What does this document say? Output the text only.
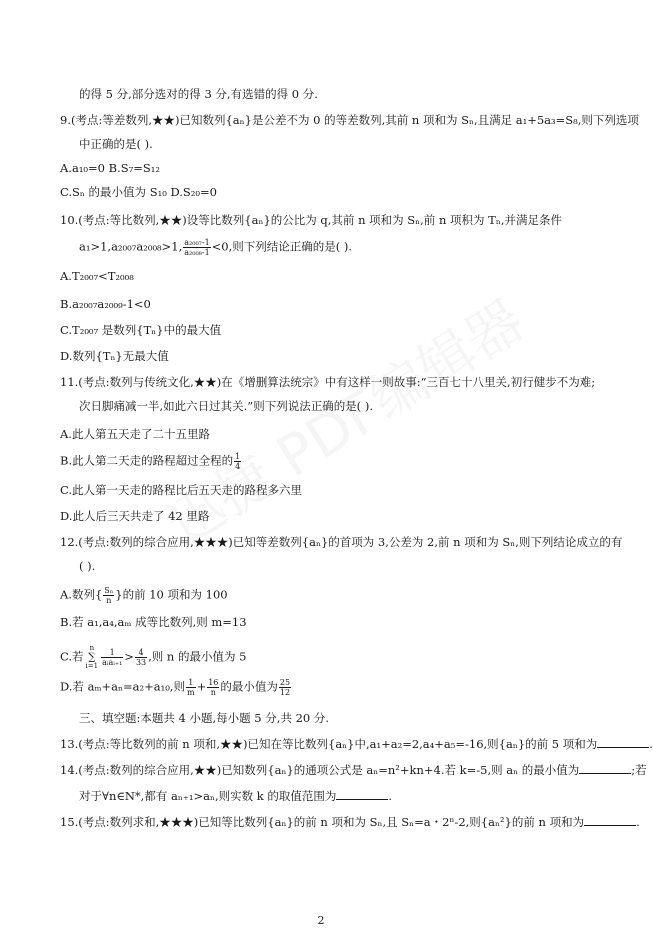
的得 5 分,部分选对的得 3 分,有选错的得 0 分.
9.(考点:等差数列,★★)已知数列{aₙ}是公差不为 0 的等差数列,其前 n 项和为 Sₙ,且满足 a₁+5a₃=S₈,则下列选项
中正确的是( ).
A.a₁₀=0 B.S₇=S₁₂
C.Sₙ 的最小值为 S₁₀ D.S₂₀=0
10.(考点:等比数列,★★)设等比数列{aₙ}的公比为 q,其前 n 项和为 Sₙ,前 n 项积为 Tₙ,并满足条件
a₁>1,a₂₀₀₇a₂₀₀₈>1, $\frac{\text{a₂₀₀₇-1}}{\text{a₂₀₀₈-1}} <0$,则下列结论正确的是( ).
A.T₂₀₀₇<T₂₀₀₈
B.a₂₀₀₇a₂₀₀₉-1<0
C.T₂₀₀₇ 是数列{Tₙ}中的最大值
D.数列{Tₙ}无最大值
11.(考点:数列与传统文化,★★)在《增删算法统宗》中有这样一则故事:“三百七十八里关,初行健步不为难;
次日脚痛减一半,如此六日过其关.”则下列说法正确的是( ).
A.此人第五天走了二十五里路
B.此人第二天走的路程超过全程的 $\frac{1}{4}$
C.此人第一天走的路程比后五天走的路程多六里
D.此人后三天共走了 42 里路
12.(考点:数列的综合应用,★★★)已知等差数列{aₙ}的首项为 3,公差为 2,前 n 项和为 Sₙ,则下列结论成立的有
( ).
A.数列{ $\frac{\text{Sₙ}}{n}$ }的前 10 项和为 100
B.若 a₁,a₄,aₘ 成等比数列,则 m=13
C.若
n
∑
$i=1 \frac{1}{\text{aᵢaᵢ₊₁}} > \frac{4}{33}$ ,则 n 的最小值为 5
D.若 aₘ+aₙ=a₂+a₁₀,则 $\frac{1}{m} + \frac{16}{n}$ 的最小值为 $\frac{25}{12}$
三、填空题:本题共 4 小题,每小题 5 分,共 20 分.
13.(考点:等比数列的前 n 项和,★★)已知在等比数列{aₙ}中,a₁+a₂=2,a₄+a₅=-16,则{aₙ}的前 5 项和为	.
14.(考点:数列的综合应用,★★)已知数列{aₙ}的通项公式是 aₙ=n²+kn+4.若 k=-5,则 aₙ 的最小值为	;若
对于∀n∈N*,都有 aₙ₊₁>aₙ,则实数 k 的取值范围为	.
15.(考点:数列求和,★★★)已知等比数列{aₙ}的前 n 项和为 Sₙ,且 Sₙ=a・2ⁿ-2,则{aₙ²}的前 n 项和为	.
2
